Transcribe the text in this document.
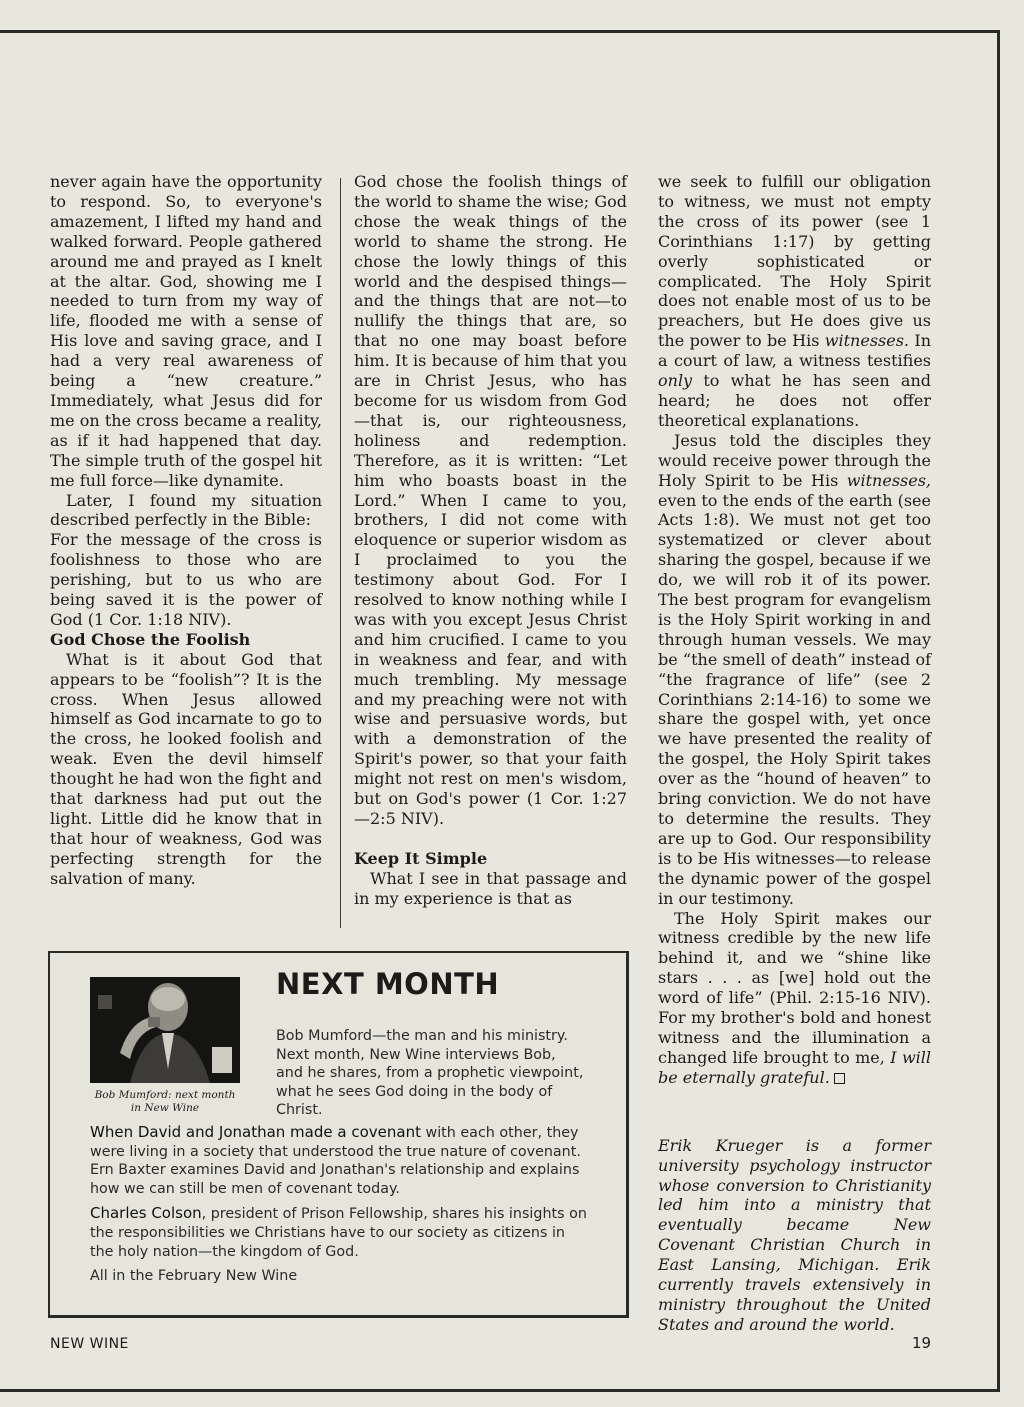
never again have the opportunity to respond. So, to everyone's amazement, I lifted my hand and walked forward. People gathered around me and prayed as I knelt at the altar. God, showing me I needed to turn from my way of life, flooded me with a sense of His love and saving grace, and I had a very real awareness of being a “new creature.” Immediately, what Jesus did for me on the cross became a reality, as if it had happened that day. The simple truth of the gospel hit me full force—like dynamite.

Later, I found my situation described perfectly in the Bible:

For the message of the cross is foolishness to those who are perishing, but to us who are being saved it is the power of God (1 Cor. 1:18 NIV).

God Chose the Foolish

What is it about God that appears to be “foolish”? It is the cross. When Jesus allowed himself as God incarnate to go to the cross, he looked foolish and weak. Even the devil himself thought he had won the fight and that darkness had put out the light. Little did he know that in that hour of weakness, God was perfecting strength for the salvation of many.

God chose the foolish things of the world to shame the wise; God chose the weak things of the world to shame the strong. He chose the lowly things of this world and the despised things—and the things that are not—to nullify the things that are, so that no one may boast before him. It is because of him that you are in Christ Jesus, who has become for us wisdom from God—that is, our righteousness, holiness and redemption. Therefore, as it is written: “Let him who boasts boast in the Lord.” When I came to you, brothers, I did not come with eloquence or superior wisdom as I proclaimed to you the testimony about God. For I resolved to know nothing while I was with you except Jesus Christ and him crucified. I came to you in weakness and fear, and with much trembling. My message and my preaching were not with wise and persuasive words, but with a demonstration of the Spirit's power, so that your faith might not rest on men's wisdom, but on God's power (1 Cor. 1:27—2:5 NIV).

Keep It Simple

What I see in that passage and in my experience is that as

we seek to fulfill our obligation to witness, we must not empty the cross of its power (see 1 Corinthians 1:17) by getting overly sophisticated or complicated. The Holy Spirit does not enable most of us to be preachers, but He does give us the power to be His witnesses. In a court of law, a witness testifies only to what he has seen and heard; he does not offer theoretical explanations.

Jesus told the disciples they would receive power through the Holy Spirit to be His witnesses, even to the ends of the earth (see Acts 1:8). We must not get too systematized or clever about sharing the gospel, because if we do, we will rob it of its power. The best program for evangelism is the Holy Spirit working in and through human vessels. We may be “the smell of death” instead of “the fragrance of life” (see 2 Corinthians 2:14-16) to some we share the gospel with, yet once we have presented the reality of the gospel, the Holy Spirit takes over as the “hound of heaven” to bring conviction. We do not have to determine the results. They are up to God. Our responsibility is to be His witnesses—to release the dynamic power of the gospel in our testimony.

The Holy Spirit makes our witness credible by the new life behind it, and we “shine like stars . . . as [we] hold out the word of life” (Phil. 2:15-16 NIV). For my brother's bold and honest witness and the illumination a changed life brought to me, I will be eternally grateful.

Erik Krueger is a former university psychology instructor whose conversion to Christianity led him into a ministry that eventually became New Covenant Christian Church in East Lansing, Michigan. Erik currently travels extensively in ministry throughout the United States and around the world.

Bob Mumford: next month in New Wine
NEXT MONTH
Bob Mumford—the man and his ministry. Next month, New Wine interviews Bob, and he shares, from a prophetic viewpoint, what he sees God doing in the body of Christ.

When David and Jonathan made a covenant with each other, they were living in a society that understood the true nature of covenant. Ern Baxter examines David and Jonathan's relationship and explains how we can still be men of covenant today.

Charles Colson, president of Prison Fellowship, shares his insights on the responsibilities we Christians have to our society as citizens in the holy nation—the kingdom of God.

All in the February New Wine

NEW WINE	19
